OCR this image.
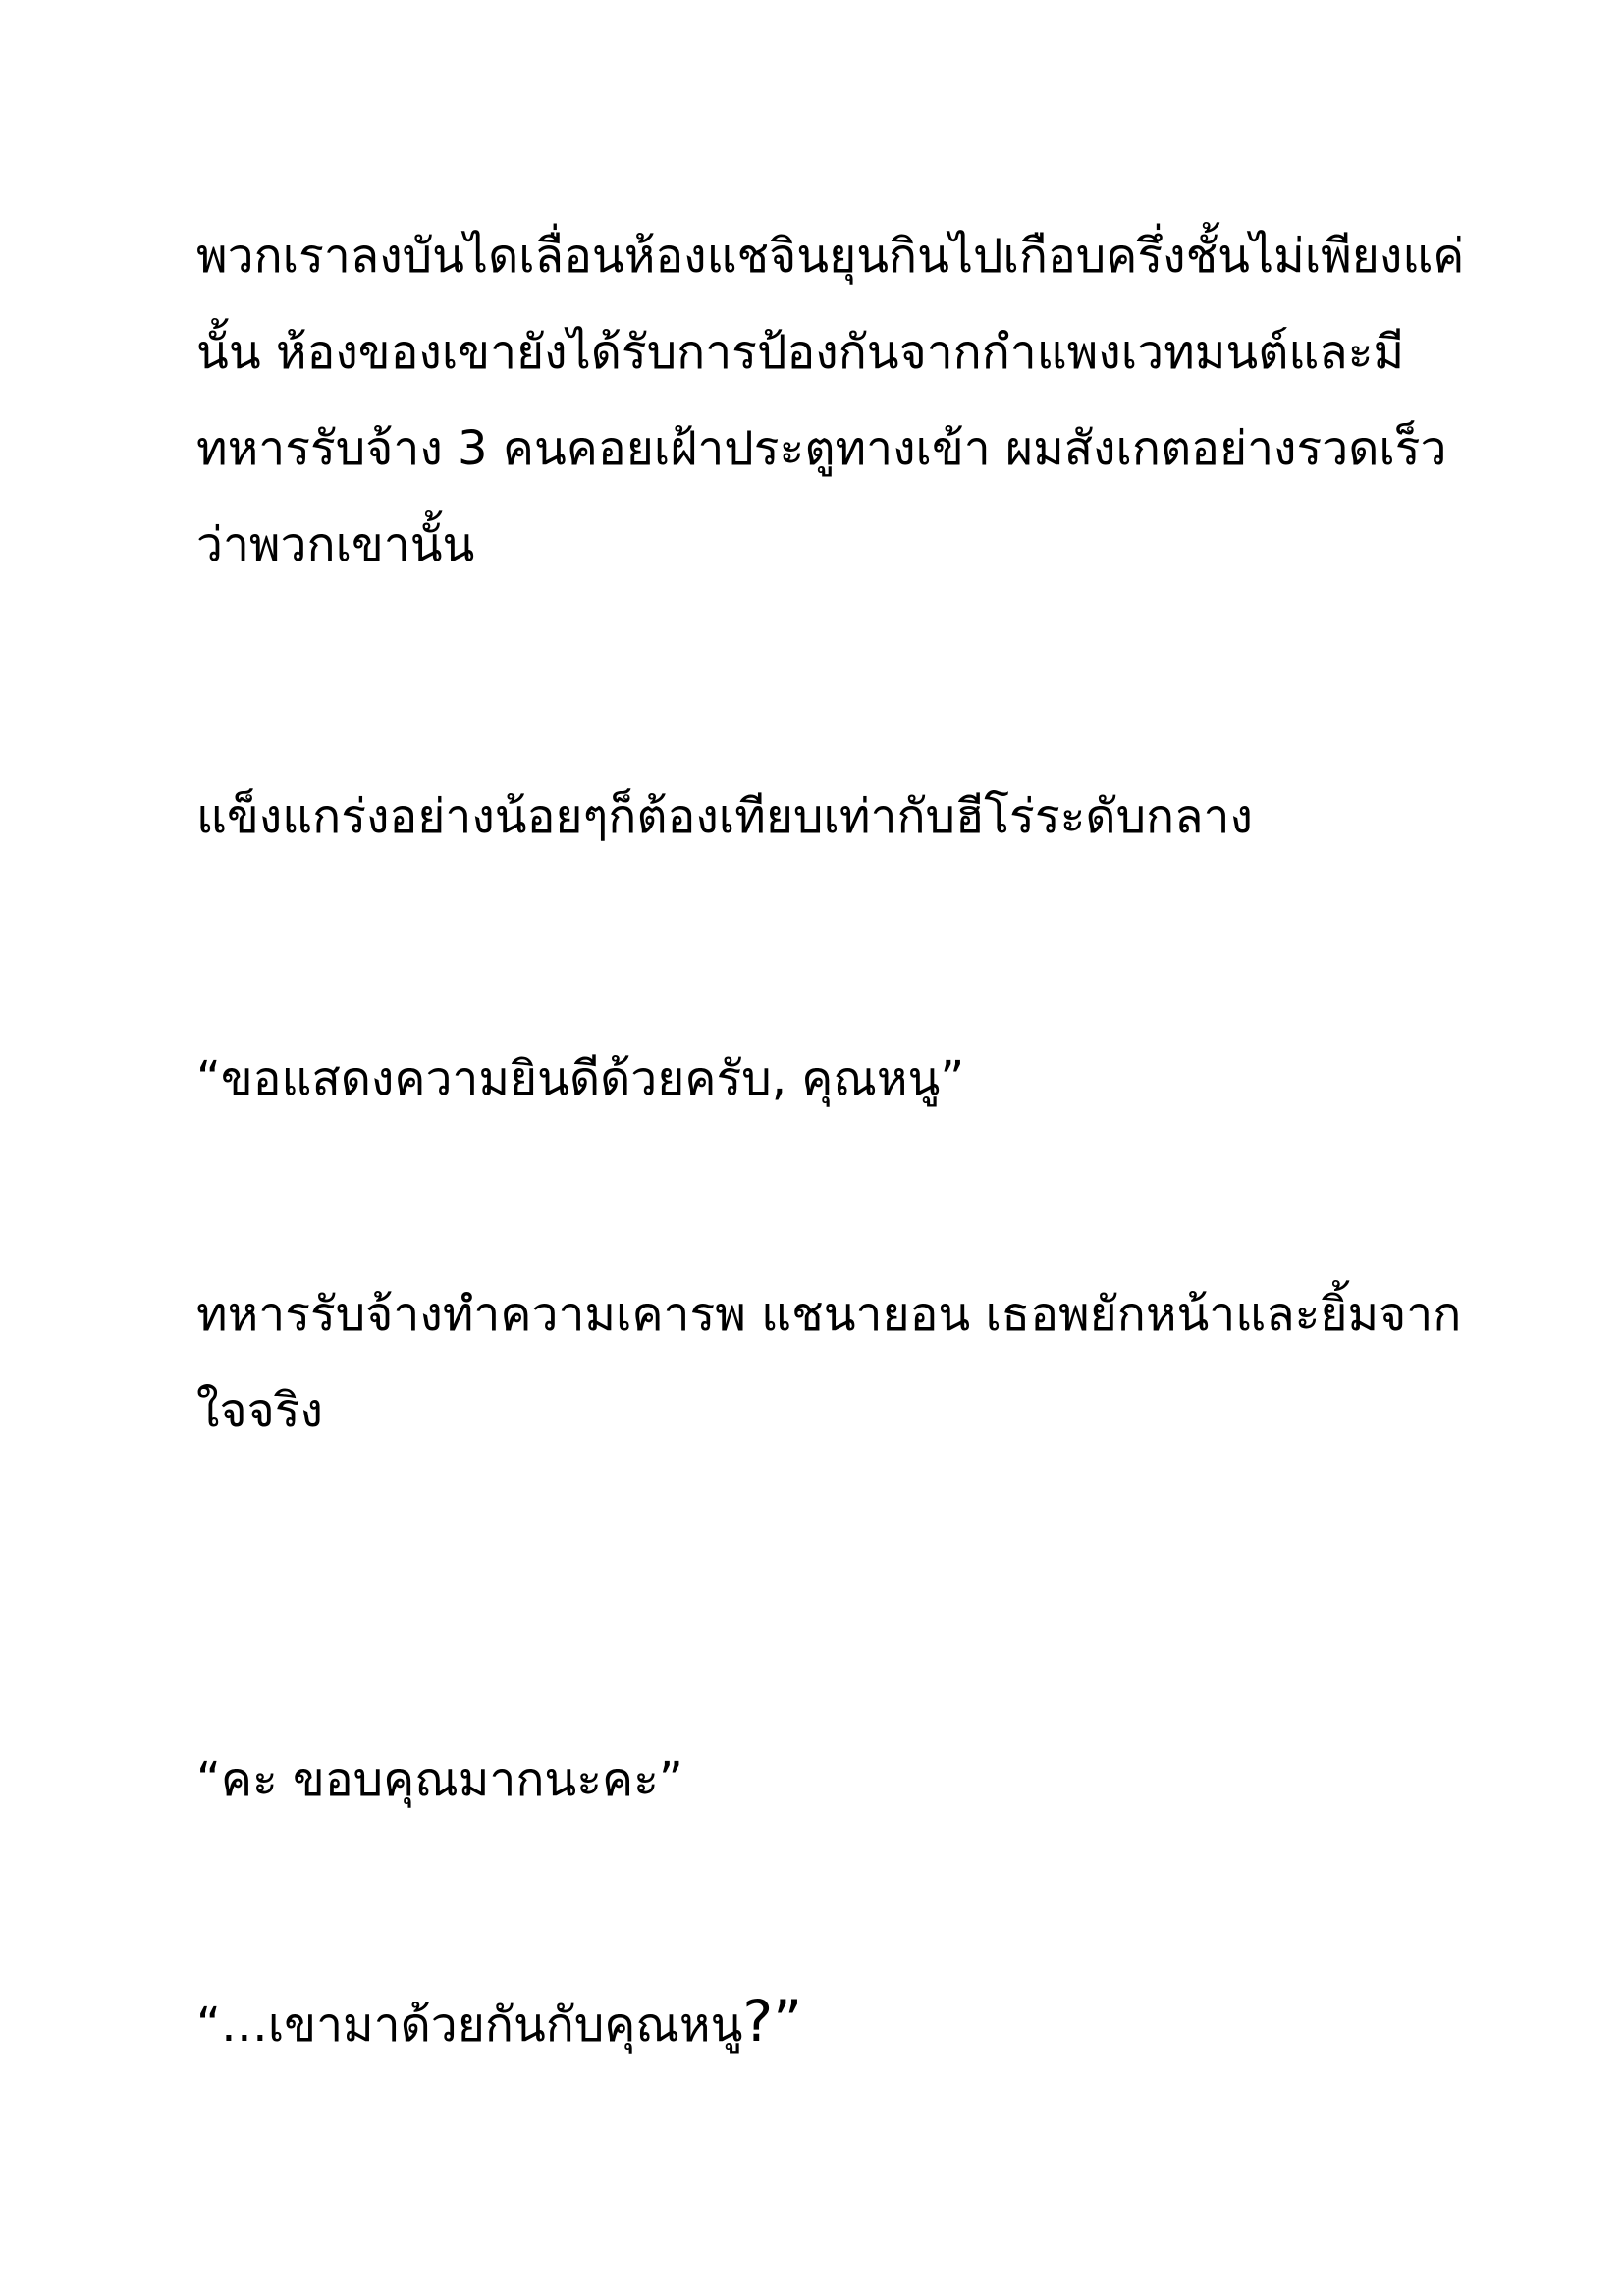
พวกเราลงบันไดเลื่อนห้องแชจินยุนกินไปเกือบครึ่งชั้นไม่เพียงแค่
นั้น ห้องของเขายังได้รับการป้องกันจากกำแพงเวทมนต์และมี
ทหารรับจ้าง 3 คนคอยเฝ้าประตูทางเข้า ผมสังเกตอย่างรวดเร็ว
ว่าพวกเขานั้น

แข็งแกร่งอย่างน้อยๆก็ต้องเทียบเท่ากับฮีโร่ระดับกลาง

“ขอแสดงความยินดีด้วยครับ, คุณหนู”

ทหารรับจ้างทำความเคารพ แชนายอน เธอพยักหน้าและยิ้มจาก
ใจจริง

“คะ ขอบคุณมากนะคะ”

“…เขามาด้วยกันกับคุณหนู?”
